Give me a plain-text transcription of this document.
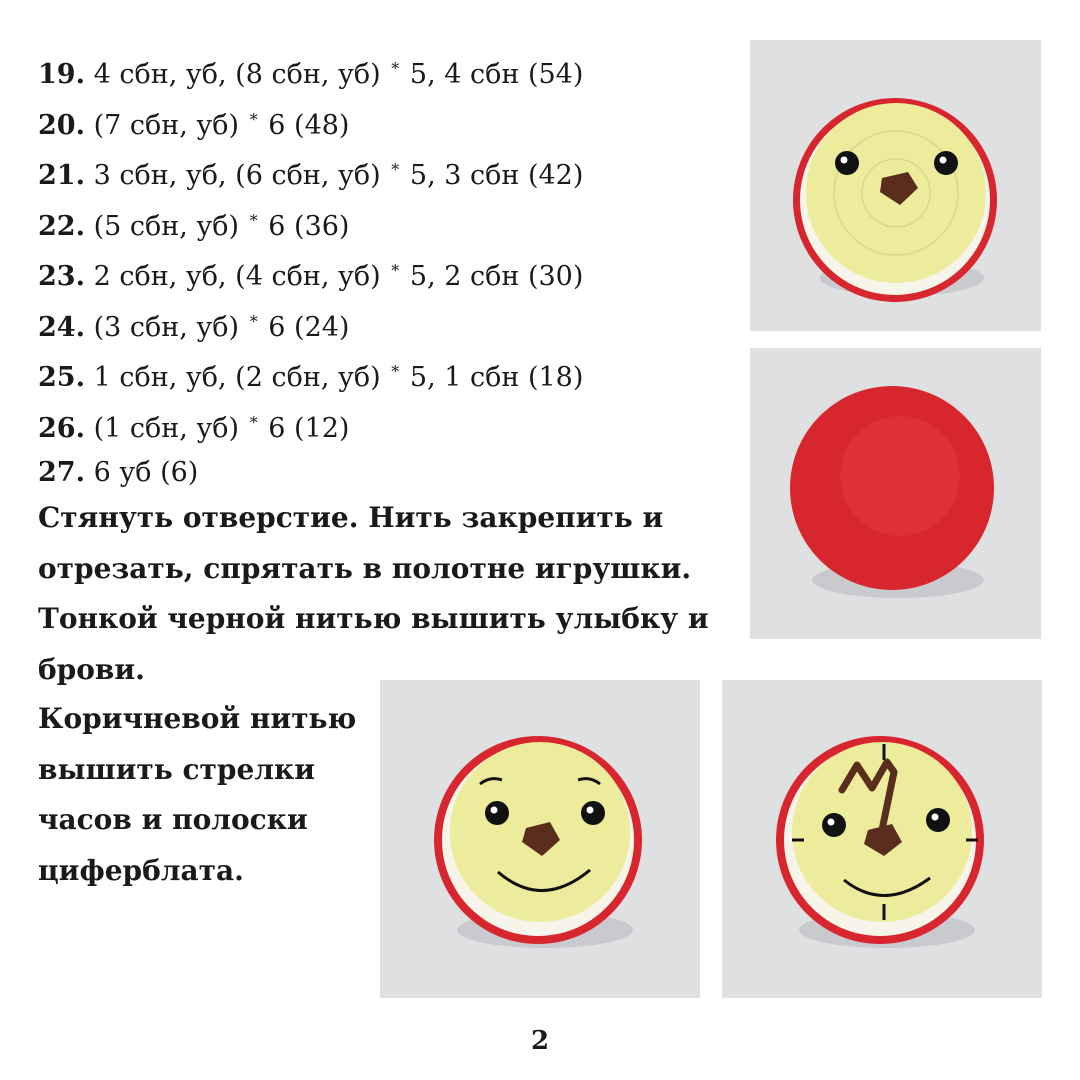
19. 4 сбн, уб, (8 сбн, уб) * 5, 4 сбн (54)
20. (7 сбн, уб) * 6 (48)
21. 3 сбн, уб, (6 сбн, уб) * 5, 3 сбн (42)
22. (5 сбн, уб) * 6 (36)
23. 2 сбн, уб, (4 сбн, уб) * 5, 2 сбн (30)
24. (3 сбн, уб) * 6 (24)
25. 1 сбн, уб, (2 сбн, уб) * 5, 1 сбн (18)
26. (1 сбн, уб) * 6 (12)
27. 6 уб (6)
Стянуть отверстие. Нить закрепить и отрезать, спрятать в полотне игрушки. Тонкой черной нитью вышить улыбку и брови.
Коричневой нитью вышить стрелки часов и полоски циферблата.
2
